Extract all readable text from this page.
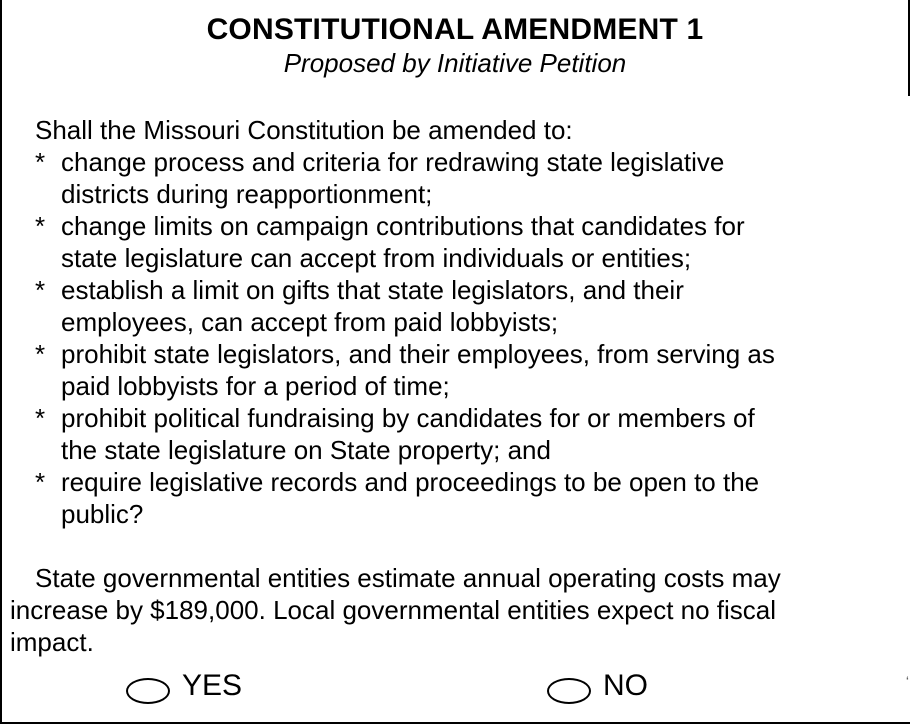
CONSTITUTIONAL AMENDMENT 1
Proposed by Initiative Petition
Shall the Missouri Constitution be amended to:
* change process and criteria for redrawing state legislative
districts during reapportionment;
* change limits on campaign contributions that candidates for
state legislature can accept from individuals or entities;
* establish a limit on gifts that state legislators, and their
employees, can accept from paid lobbyists;
* prohibit state legislators, and their employees, from serving as
paid lobbyists for a period of time;
* prohibit political fundraising by candidates for or members of
the state legislature on State property; and
* require legislative records and proceedings to be open to the
public?
State governmental entities estimate annual operating costs may
increase by $189,000. Local governmental entities expect no fiscal
impact.
YES	NO	‘
